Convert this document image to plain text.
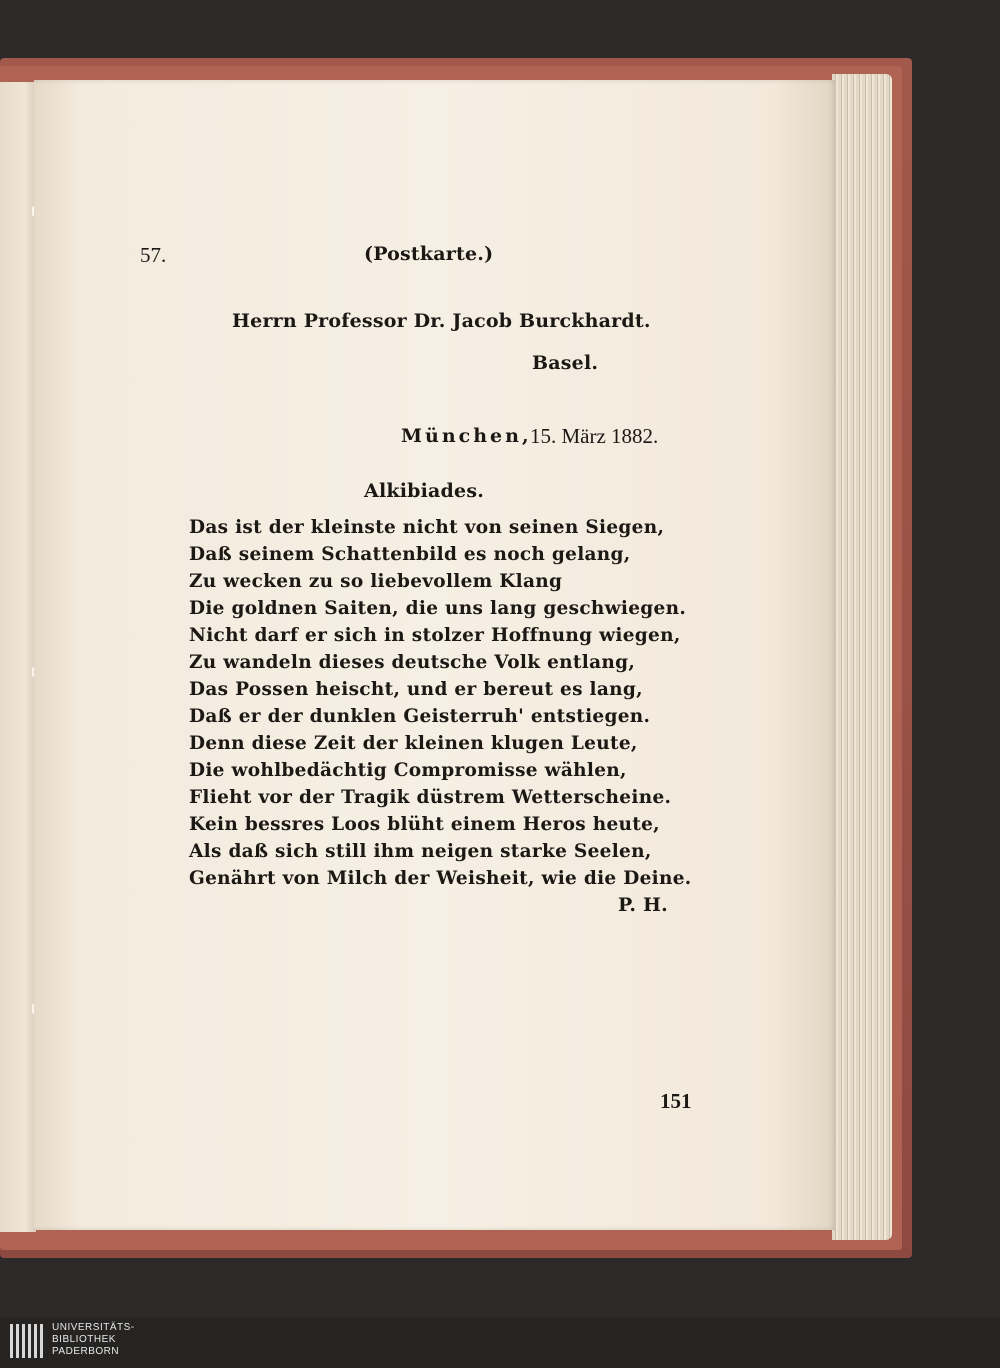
57.	(Postkarte.)
Herrn Professor Dr. Jacob Burckhardt.
Basel.
München,
15. März 1882.
Alkibiades.
Das ist der kleinste nicht von seinen Siegen,
Daß seinem Schattenbild es noch gelang,
Zu wecken zu so liebevollem Klang
Die goldnen Saiten, die uns lang geschwiegen.
Nicht darf er sich in stolzer Hoffnung wiegen,
Zu wandeln dieses deutsche Volk entlang,
Das Possen heischt, und er bereut es lang,
Daß er der dunklen Geisterruh' entstiegen.
Denn diese Zeit der kleinen klugen Leute,
Die wohlbedächtig Compromisse wählen,
Flieht vor der Tragik düstrem Wetterscheine.
Kein bessres Loos blüht einem Heros heute,
Als daß sich still ihm neigen starke Seelen,
Genährt von Milch der Weisheit, wie die Deine.
P. H.
151
UNIVERSITÄTS-
BIBLIOTHEK
PADERBORN
